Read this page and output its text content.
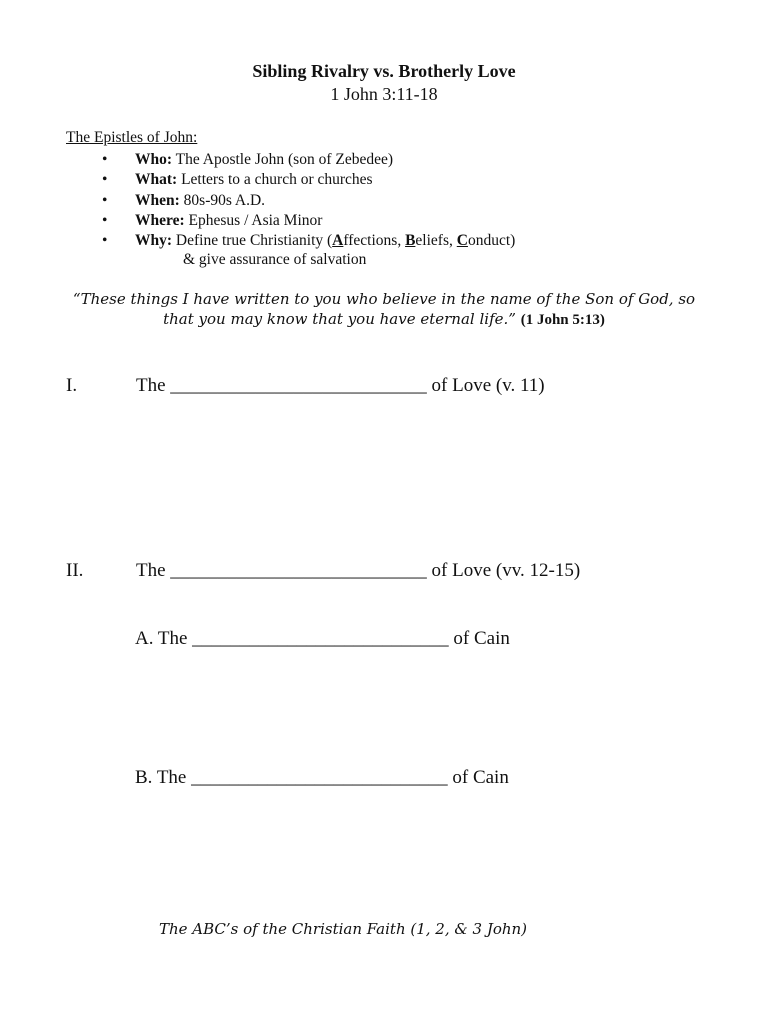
Sibling Rivalry vs. Brotherly Love
1 John 3:11-18
The Epistles of John:
• Who: The Apostle John (son of Zebedee)
• What: Letters to a church or churches
• When: 80s-90s A.D.
• Where: Ephesus / Asia Minor
• Why: Define true Christianity (Affections, Beliefs, Conduct)
& give assurance of salvation
“These things I have written to you who believe in the name of the Son of God, so that you may know that you have eternal life.” (1 John 5:13)
I.	The ___________________________ of Love (v. 11)
II.	The ___________________________ of Love (vv. 12-15)
A. The ___________________________ of Cain
B. The ___________________________ of Cain
The ABC’s of the Christian Faith (1, 2, & 3 John)
